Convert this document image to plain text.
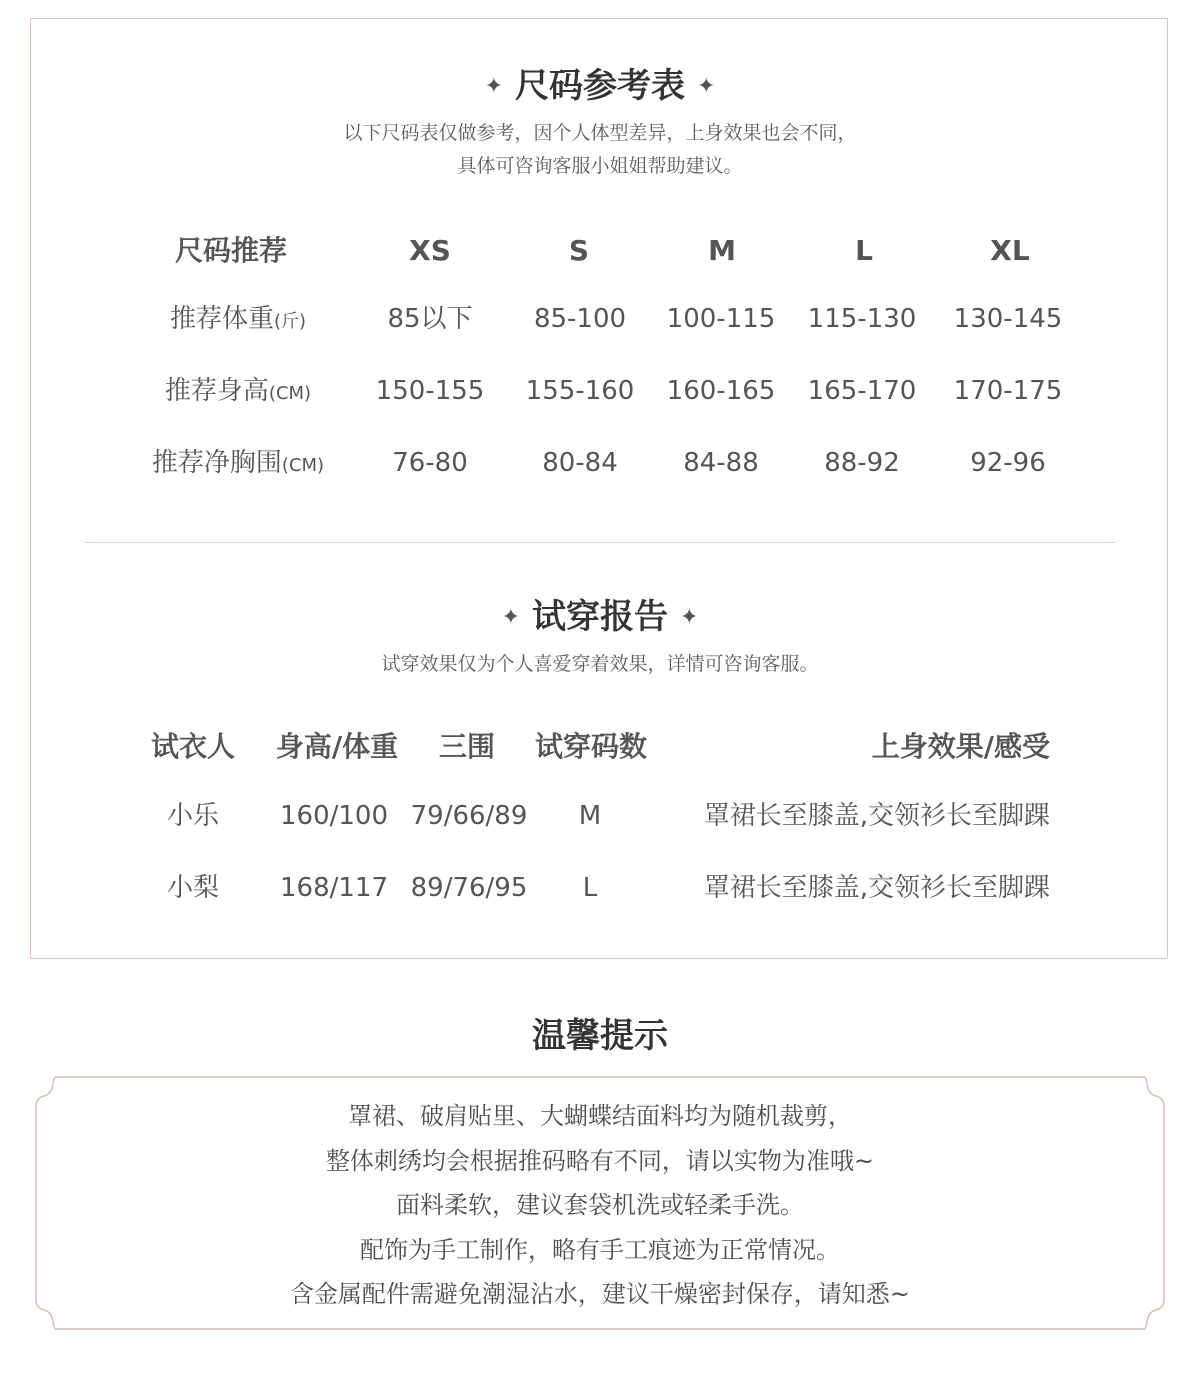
✦ 尺码参考表 ✦
以下尺码表仅做参考，因个人体型差异，上身效果也会不同，
具体可咨询客服小姐姐帮助建议。
尺码推荐	XS	S	M	L	XL
推荐体重(斤)	85以下 85-100 100-115 115-130 130-145
推荐身高(CM) 150-155 155-160 160-165 165-170 170-175
推荐净胸围(CM)	76-80	80-84	84-88	88-92	92-96
✦ 试穿报告 ✦
试穿效果仅为个人喜爱穿着效果，详情可咨询客服。
试衣人 身高/体重 三围 试穿码数	上身效果/感受
小乐 160/100 79/66/89 M	罩裙长至膝盖,交领衫长至脚踝
小梨 168/117 89/76/95 L	罩裙长至膝盖,交领衫长至脚踝
温馨提示
罩裙、破肩贴里、大蝴蝶结面料均为随机裁剪，
整体刺绣均会根据推码略有不同，请以实物为准哦~
面料柔软，建议套袋机洗或轻柔手洗。
配饰为手工制作，略有手工痕迹为正常情况。
含金属配件需避免潮湿沾水，建议干燥密封保存，请知悉~
